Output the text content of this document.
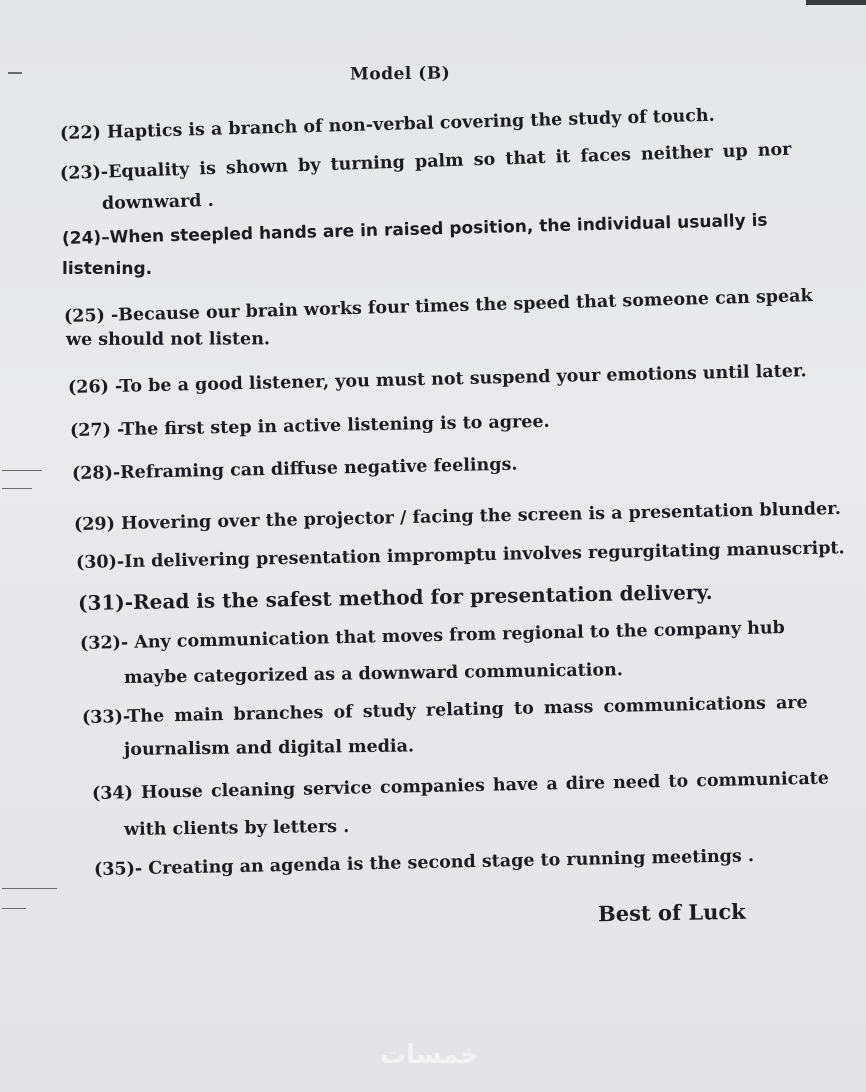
Model (B)
(22) Haptics is a branch of non-verbal covering the study of touch.
(23)-Equality is shown by turning palm so that it faces neither up nor
downward .
(24)–When steepled hands are in raised position, the individual usually is
listening.
(25) -Because our brain works four times the speed that someone can speak
we should not listen.
(26) -To be a good listener, you must not suspend your emotions until later.
(27) -The first step in active listening is to agree.
(28)-Reframing can diffuse negative feelings.
(29) Hovering over the projector / facing the screen is a presentation blunder.
(30)-In delivering presentation impromptu involves regurgitating manuscript.
(31)-Read is the safest method for presentation delivery.
(32)- Any communication that moves from regional to the company hub
maybe categorized as a downward communication.
(33)-The main branches of study relating to mass communications are
journalism and digital media.
(34) House cleaning service companies have a dire need to communicate
with clients by letters .
(35)- Creating an agenda is the second stage to running meetings .
Best of Luck
خمسات
